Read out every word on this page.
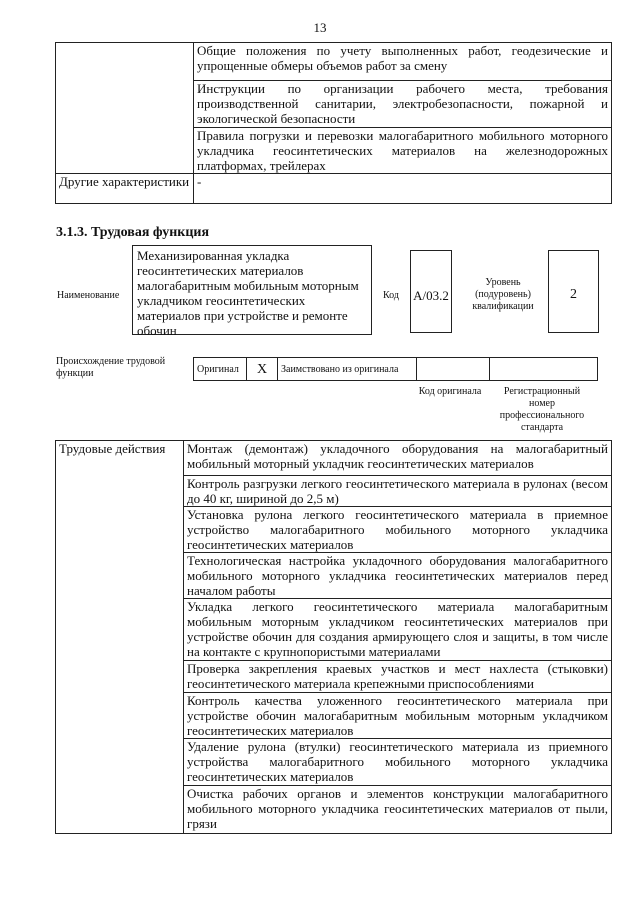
13
	Общие положения по учету выполненных работ, геодезические и упрощенные обмеры объемов работ за смену
	Инструкции по организации рабочего места, требования производственной санитарии, электробезопасности, пожарной и экологической безопасности
	Правила погрузки и перевозки малогабаритного мобильного моторного укладчика геосинтетических материалов на железнодорожных платформах, трейлерах
Другие характеристики	-
3.1.3. Трудовая функция
Наименование
Механизированная укладка геосинтетических материалов малогабаритным мобильным моторным укладчиком геосинтетических материалов при устройстве и ремонте обочин
Код А/03.2
Уровень (подуровень) квалификации
2
Происхождение трудовой функции	Оригинал	X	Заимствовано из оригинала		
Код оригинала	Регистрационный номер профессионального стандарта
Трудовые действия	Монтаж (демонтаж) укладочного оборудования на малогабаритный мобильный моторный укладчик геосинтетических материалов
Контроль разгрузки легкого геосинтетического материала в рулонах (весом до 40 кг, шириной до 2,5 м)
Установка рулона легкого геосинтетического материала в приемное устройство малогабаритного мобильного моторного укладчика геосинтетических материалов
Технологическая настройка укладочного оборудования малогабаритного мобильного моторного укладчика геосинтетических материалов перед началом работы
Укладка легкого геосинтетического материала малогабаритным мобильным моторным укладчиком геосинтетических материалов при устройстве обочин для создания армирующего слоя и защиты, в том числе на контакте с крупнопористыми материалами
Проверка закрепления краевых участков и мест нахлеста (стыковки) геосинтетического материала крепежными приспособлениями
Контроль качества уложенного геосинтетического материала при устройстве обочин малогабаритным мобильным моторным укладчиком геосинтетических материалов
Удаление рулона (втулки) геосинтетического материала из приемного устройства малогабаритного мобильного моторного укладчика геосинтетических материалов
Очистка рабочих органов и элементов конструкции малогабаритного мобильного моторного укладчика геосинтетических материалов от пыли, грязи
